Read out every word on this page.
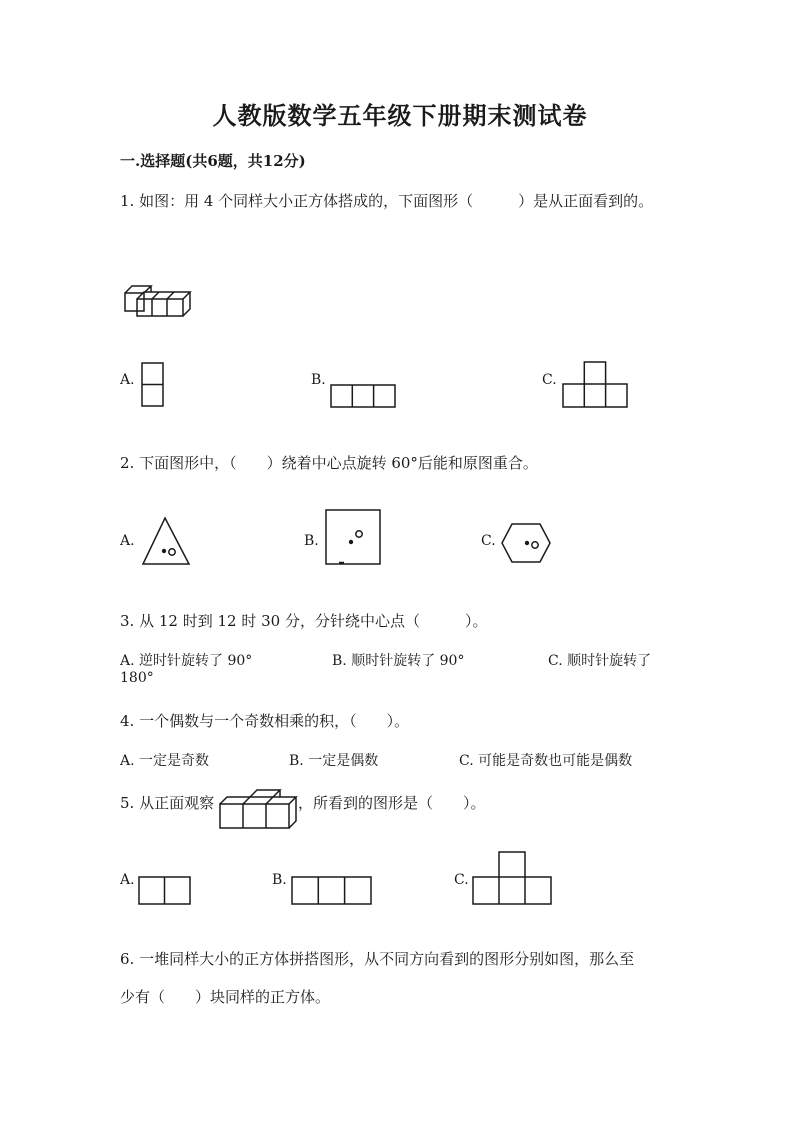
人教版数学五年级下册期末测试卷
一.选择题(共6题，共12分)
1. 如图：用 4 个同样大小正方体搭成的，下面图形（　　　）是从正面看到的。
A.	B.	C.
2. 下面图形中，（　　）绕着中心点旋转 60°后能和原图重合。
A.	B.	C.
3. 从 12 时到 12 时 30 分，分针绕中心点（　　　）。
A. 逆时针旋转了 90°	B. 顺时针旋转了 90°	C. 顺时针旋转了
180°
4. 一个偶数与一个奇数相乘的积，（　　）。
A. 一定是奇数	B. 一定是偶数	C. 可能是奇数也可能是偶数
5. 从正面观察	，所看到的图形是（　　）。
A.	B.	C.
6. 一堆同样大小的正方体拼搭图形，从不同方向看到的图形分别如图，那么至
少有（　　）块同样的正方体。
